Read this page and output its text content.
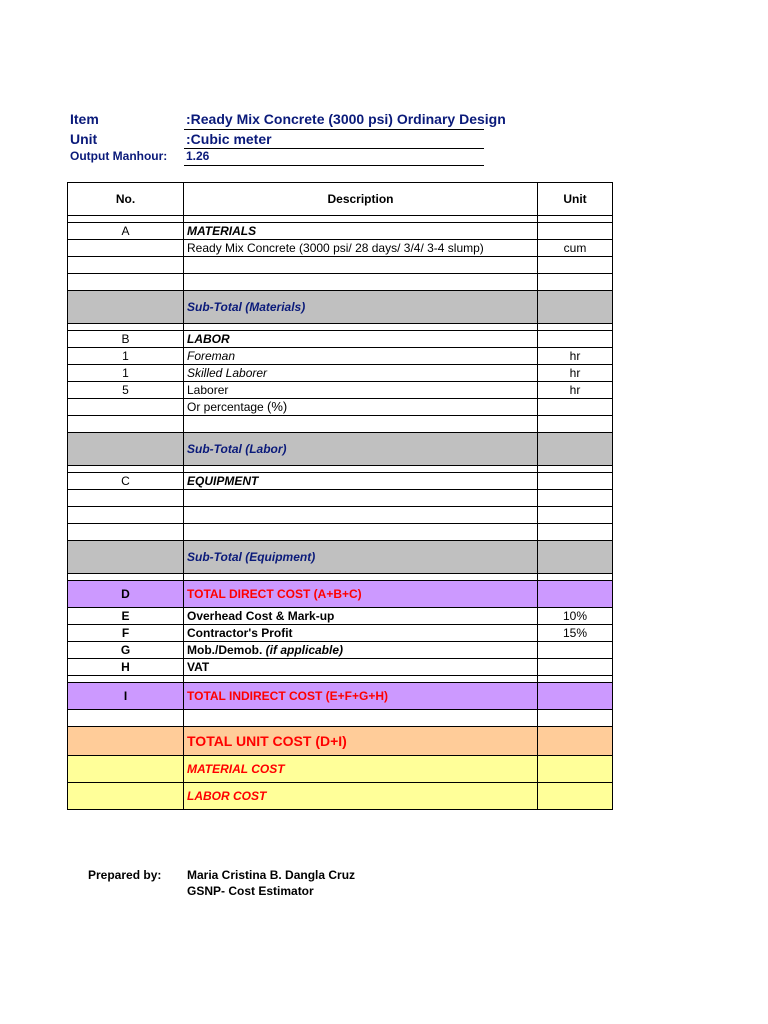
Item	:Ready Mix Concrete (3000 psi) Ordinary Design
Unit	:Cubic meter
Output Manhour: 1.26
No.	Description	Unit

A	MATERIALS	
	Ready Mix Concrete (3000 psi/ 28 days/ 3/4/ 3-4 slump)	cum

	Sub-Total (Materials)	

B	LABOR	
1	Foreman	hr
1	Skilled Laborer	hr
5	Laborer	hr
	Or percentage (%)	

	Sub-Total (Labor)	

C	EQUIPMENT	

	Sub-Total (Equipment)	

D	TOTAL DIRECT COST (A+B+C)	
E	Overhead Cost & Mark-up	10%
F	Contractor's Profit	15%
G	Mob./Demob. (if applicable)	
H	VAT	

I	TOTAL INDIRECT COST (E+F+G+H)	

	TOTAL UNIT COST (D+I)	
	MATERIAL COST	
	LABOR COST	
Prepared by: Maria Cristina B. Dangla Cruz
GSNP- Cost Estimator
